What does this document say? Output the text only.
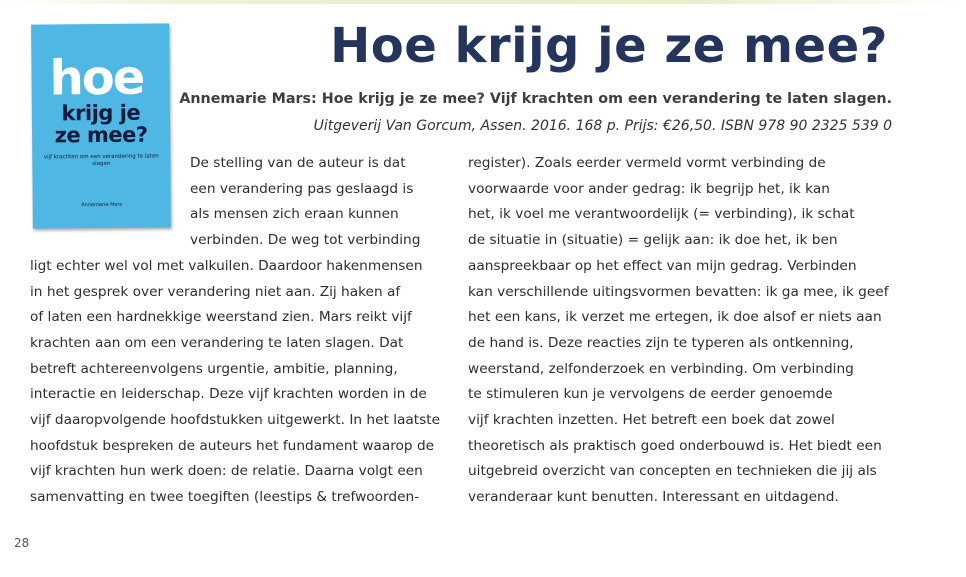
hoe
krijg je
ze mee?
vijf krachten om een verandering te laten slagen
Annemarie Mars
Hoe krijg je ze mee?
Annemarie Mars: Hoe krijg je ze mee? Vijf krachten om een verandering te laten slagen.
Uitgeverij Van Gorcum, Assen. 2016. 168 p. Prijs: €26,50. ISBN 978 90 2325 539 0
De stelling van de auteur is dat
een verandering pas geslaagd is
als mensen zich eraan kunnen
verbinden. De weg tot verbinding
ligt echter wel vol met valkuilen. Daardoor hakenmensen
in het gesprek over verandering niet aan. Zij haken af
of laten een hardnekkige weerstand zien. Mars reikt vijf
krachten aan om een verandering te laten slagen. Dat
betreft achtereenvolgens urgentie, ambitie, planning,
interactie en leiderschap. Deze vijf krachten worden in de
vijf daaropvolgende hoofdstukken uitgewerkt. In het laatste
hoofdstuk bespreken de auteurs het fundament waarop de
vijf krachten hun werk doen: de relatie. Daarna volgt een
samenvatting en twee toegiften (leestips & trefwoorden-
register). Zoals eerder vermeld vormt verbinding de
voorwaarde voor ander gedrag: ik begrijp het, ik kan
het, ik voel me verantwoordelijk (= verbinding), ik schat
de situatie in (situatie) = gelijk aan: ik doe het, ik ben
aanspreekbaar op het effect van mijn gedrag. Verbinden
kan verschillende uitingsvormen bevatten: ik ga mee, ik geef
het een kans, ik verzet me ertegen, ik doe alsof er niets aan
de hand is. Deze reacties zijn te typeren als ontkenning,
weerstand, zelfonderzoek en verbinding. Om verbinding
te stimuleren kun je vervolgens de eerder genoemde
vijf krachten inzetten. Het betreft een boek dat zowel
theoretisch als praktisch goed onderbouwd is. Het biedt een
uitgebreid overzicht van concepten en technieken die jij als
veranderaar kunt benutten. Interessant en uitdagend.
28
